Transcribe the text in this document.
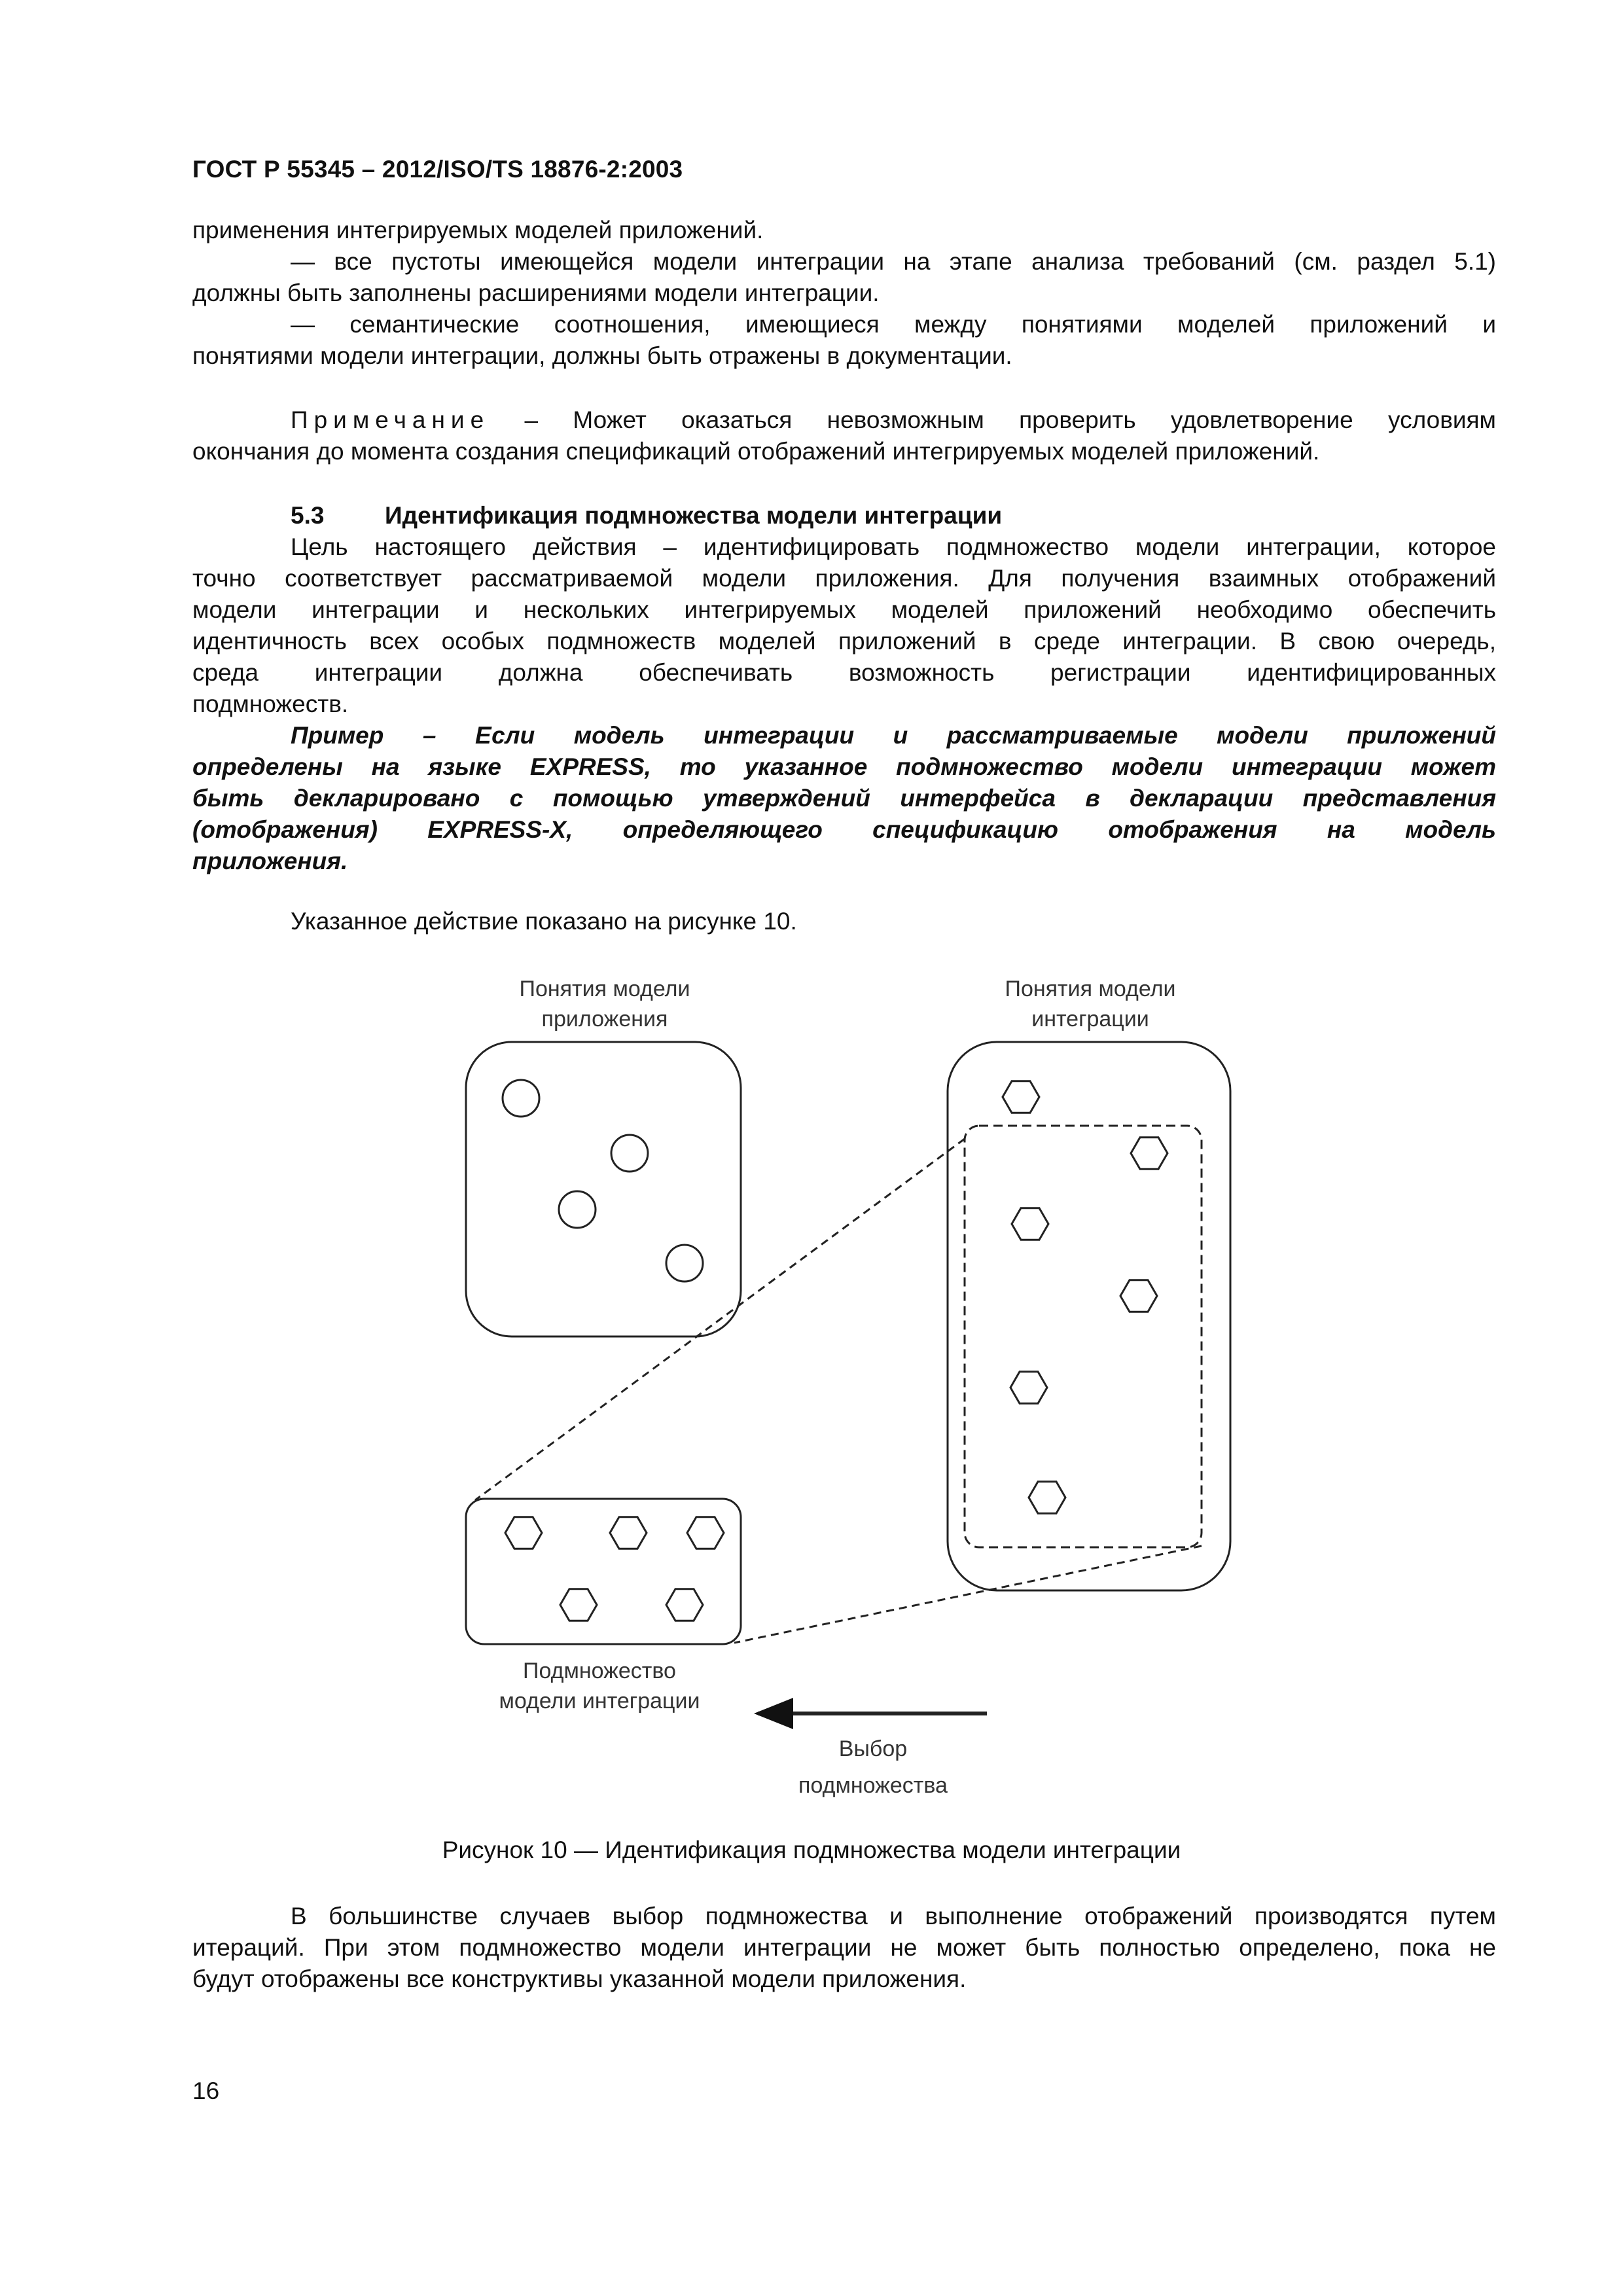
ГОСТ Р 55345 – 2012/ISO/TS 18876-2:2003
применения интегрируемых моделей приложений.
— все пустоты имеющейся модели интеграции на этапе анализа требований (см. раздел 5.1)
должны быть заполнены расширениями модели интеграции.
— семантические соотношения, имеющиеся между понятиями моделей приложений и
понятиями модели интеграции, должны быть отражены в документации.
Примечание – Может оказаться невозможным проверить удовлетворение условиям
окончания до момента создания спецификаций отображений интегрируемых моделей приложений.
5.3	Идентификация подмножества модели интеграции
Цель настоящего действия – идентифицировать подмножество модели интеграции, которое
точно соответствует рассматриваемой модели приложения. Для получения взаимных отображений
модели интеграции и нескольких интегрируемых моделей приложений необходимо обеспечить
идентичность всех особых подмножеств моделей приложений в среде интеграции. В свою очередь,
среда интеграции должна обеспечивать возможность регистрации идентифицированных
подмножеств.
Пример – Если модель интеграции и рассматриваемые модели приложений
определены на языке EXPRESS, то указанное подмножество модели интеграции может
быть декларировано с помощью утверждений интерфейса в декларации представления
(отображения) EXPRESS-X, определяющего спецификацию отображения на модель
приложения.
Указанное действие показано на рисунке 10.
Понятия модели
приложения
Понятия модели
интеграции
Подмножество
модели интеграции
Выбор
подмножества
Рисунок 10 — Идентификация подмножества модели интеграции
В большинстве случаев выбор подмножества и выполнение отображений производятся путем
итераций. При этом подмножество модели интеграции не может быть полностью определено, пока не
будут отображены все конструктивы указанной модели приложения.
16
